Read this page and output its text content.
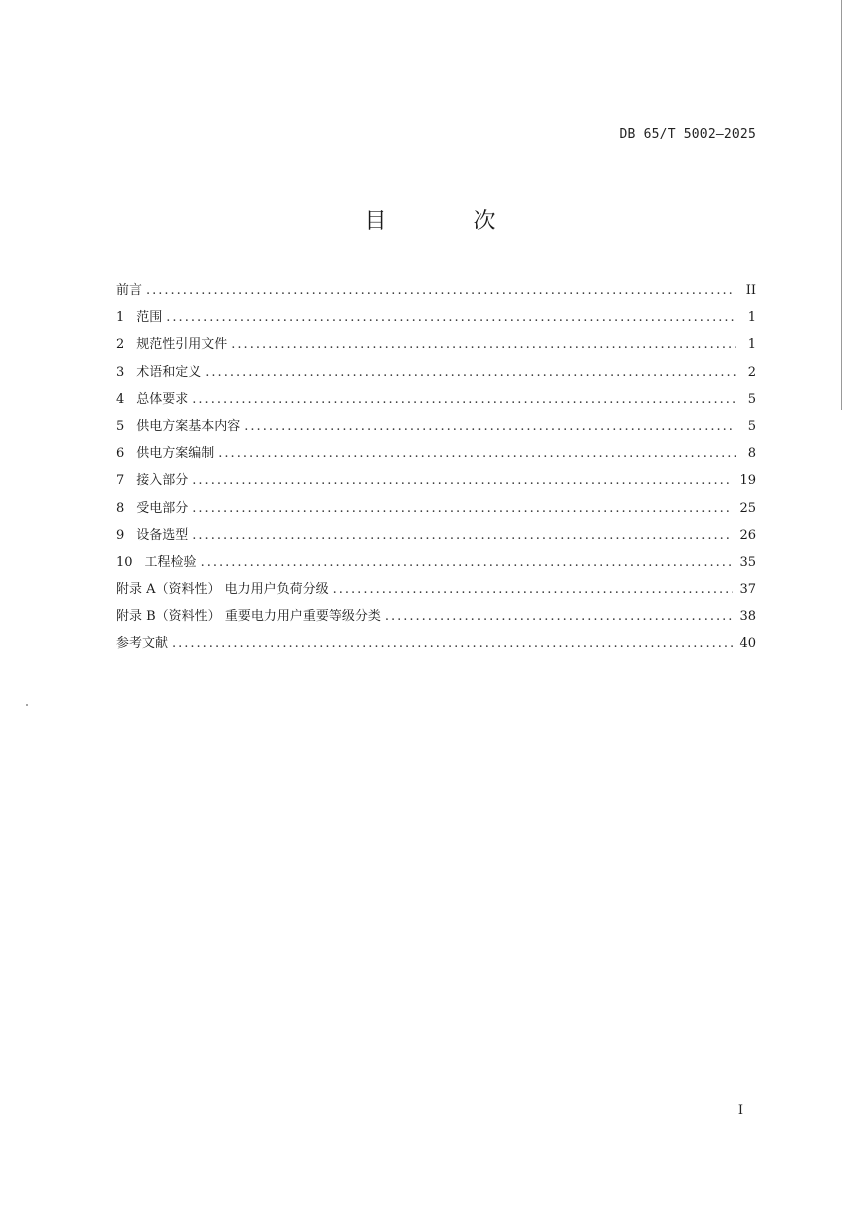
DB 65/T 5002—2025
目 次
前言 .....	II
1 范围 .....	1
2 规范性引用文件 .....	1
3 术语和定义 .....	2
4 总体要求 .....	5
5 供电方案基本内容 .....	5
6 供电方案编制 .....	8
7 接入部分 .....	19
8 受电部分 .....	25
9 设备选型 .....	26
10 工程检验 .....	35
附录 A（资料性） 电力用户负荷分级 .....	37
附录 B（资料性） 重要电力用户重要等级分类 .....	38
参考文献 .....	40
I
